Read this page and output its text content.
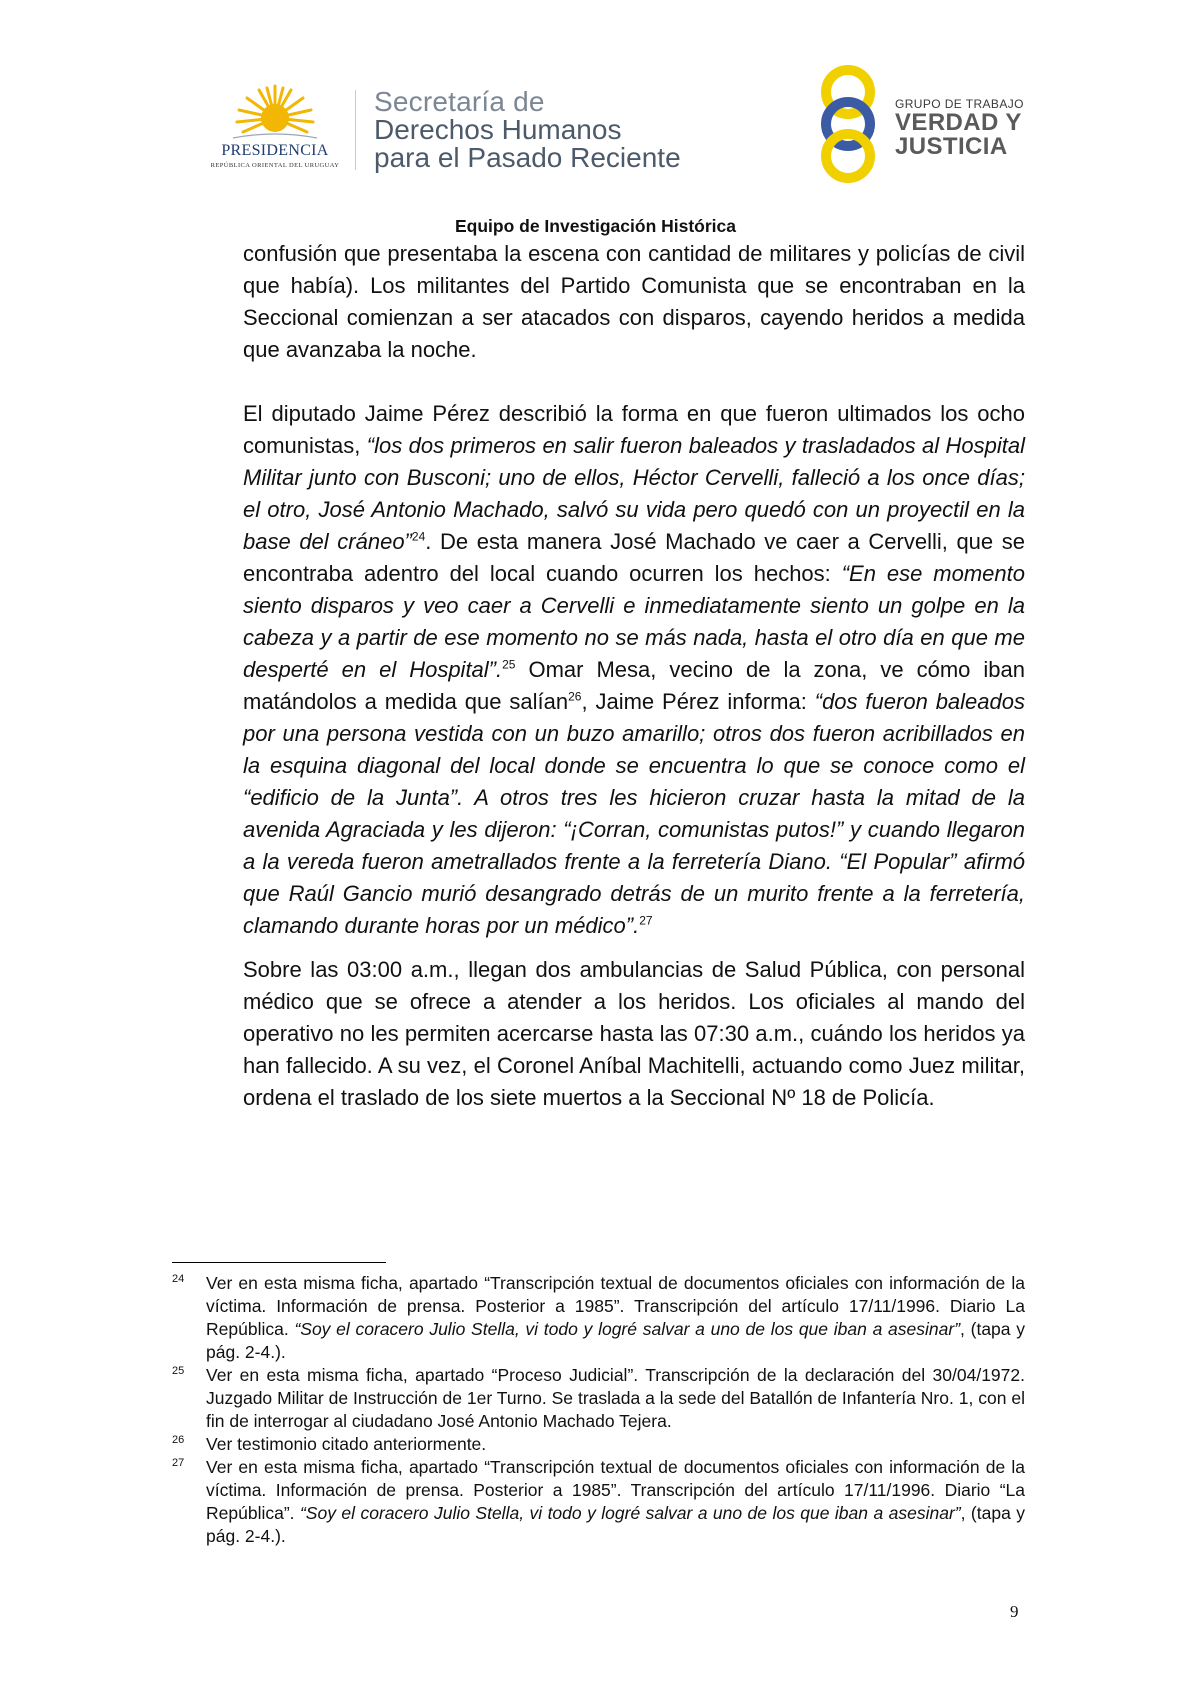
PRESIDENCIA
REPÚBLICA ORIENTAL DEL URUGUAY
Secretaría de
Derechos Humanos
para el Pasado Reciente
GRUPO DE TRABAJO
VERDAD Y
JUSTICIA
Equipo de Investigación Histórica

confusión que presentaba la escena con cantidad de militares y policías de civil que había). Los militantes del Partido Comunista que se encontraban en la Seccional comienzan a ser atacados con disparos, cayendo heridos a medida que avanzaba la noche.

El diputado Jaime Pérez describió la forma en que fueron ultimados los ocho comunistas, “los dos primeros en salir fueron baleados y trasladados al Hospital Militar junto con Busconi; uno de ellos, Héctor Cervelli, falleció a los once días; el otro, José Antonio Machado, salvó su vida pero quedó con un proyectil en la base del cráneo”$^{24}$. De esta manera José Machado ve caer a Cervelli, que se encontraba adentro del local cuando ocurren los hechos: “En ese momento siento disparos y veo caer a Cervelli e inmediatamente siento un golpe en la cabeza y a partir de ese momento no se más nada, hasta el otro día en que me desperté en el Hospital”.$^{25}$ Omar Mesa, vecino de la zona, ve cómo iban matándolos a medida que salían$^{26}$, Jaime Pérez informa: “dos fueron baleados por una persona vestida con un buzo amarillo; otros dos fueron acribillados en la esquina diagonal del local donde se encuentra lo que se conoce como el “edificio de la Junta”. A otros tres les hicieron cruzar hasta la mitad de la avenida Agraciada y les dijeron: “¡Corran, comunistas putos!” y cuando llegaron a la vereda fueron ametrallados frente a la ferretería Diano. “El Popular” afirmó que Raúl Gancio murió desangrado detrás de un murito frente a la ferretería, clamando durante horas por un médico”.$^{27}$

Sobre las 03:00 a.m., llegan dos ambulancias de Salud Pública, con personal médico que se ofrece a atender a los heridos. Los oficiales al mando del operativo no les permiten acercarse hasta las 07:30 a.m., cuándo los heridos ya han fallecido. A su vez, el Coronel Aníbal Machitelli, actuando como Juez militar, ordena el traslado de los siete muertos a la Seccional Nº 18 de Policía.

24 Ver en esta misma ficha, apartado “Transcripción textual de documentos oficiales con información de la víctima. Información de prensa. Posterior a 1985”. Transcripción del artículo 17/11/1996. Diario La República. “Soy el coracero Julio Stella, vi todo y logré salvar a uno de los que iban a asesinar”, (tapa y pág. 2-4.).
25 Ver en esta misma ficha, apartado “Proceso Judicial”. Transcripción de la declaración del 30/04/1972. Juzgado Militar de Instrucción de 1er Turno. Se traslada a la sede del Batallón de Infantería Nro. 1, con el fin de interrogar al ciudadano José Antonio Machado Tejera.
26 Ver testimonio citado anteriormente.
27 Ver en esta misma ficha, apartado “Transcripción textual de documentos oficiales con información de la víctima. Información de prensa. Posterior a 1985”. Transcripción del artículo 17/11/1996. Diario “La República”. “Soy el coracero Julio Stella, vi todo y logré salvar a uno de los que iban a asesinar”, (tapa y pág. 2-4.).
9
